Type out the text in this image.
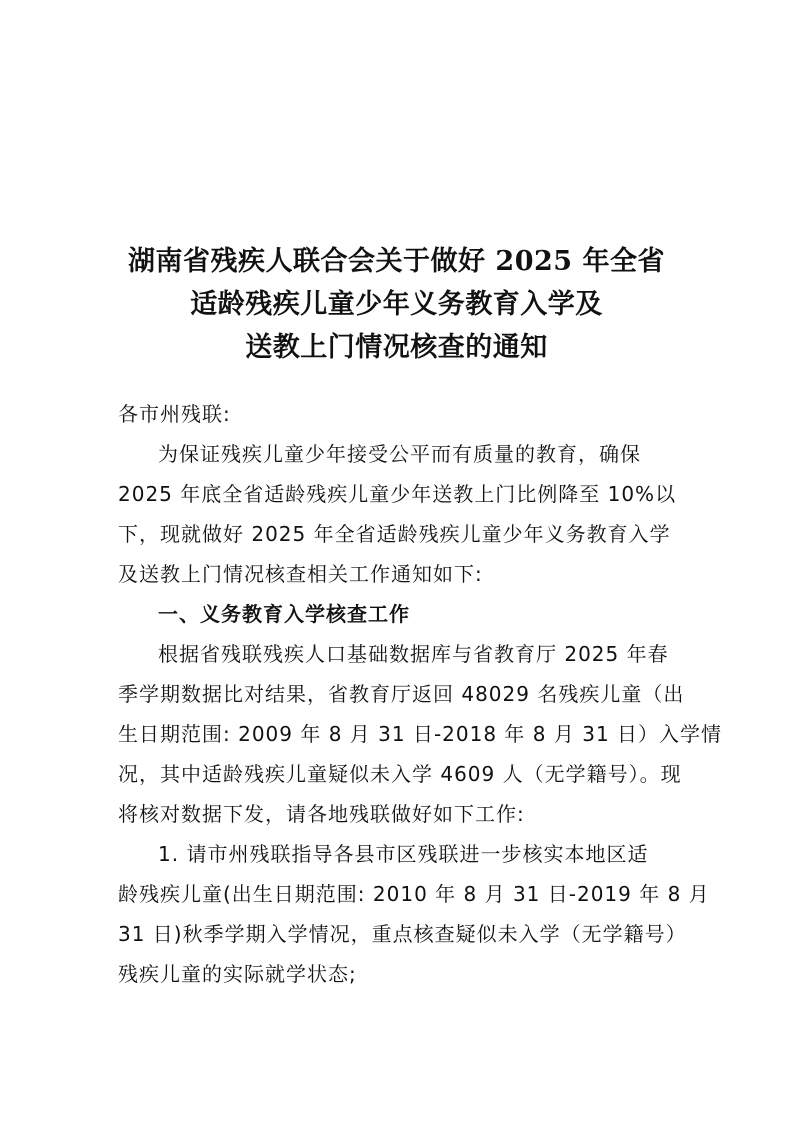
湖南省残疾人联合会关于做好 2025 年全省
适龄残疾儿童少年义务教育入学及
送教上门情况核查的通知
各市州残联:
为保证残疾儿童少年接受公平而有质量的教育，确保
2025 年底全省适龄残疾儿童少年送教上门比例降至 10%以
下，现就做好 2025 年全省适龄残疾儿童少年义务教育入学
及送教上门情况核查相关工作通知如下:
一、义务教育入学核查工作
根据省残联残疾人口基础数据库与省教育厅 2025 年春
季学期数据比对结果，省教育厅返回 48029 名残疾儿童（出
生日期范围: 2009 年 8 月 31 日-2018 年 8 月 31 日）入学情
况，其中适龄残疾儿童疑似未入学 4609 人（无学籍号）。现
将核对数据下发，请各地残联做好如下工作:
1. 请市州残联指导各县市区残联进一步核实本地区适
龄残疾儿童(出生日期范围: 2010 年 8 月 31 日-2019 年 8 月
31 日)秋季学期入学情况，重点核查疑似未入学（无学籍号）
残疾儿童的实际就学状态;
